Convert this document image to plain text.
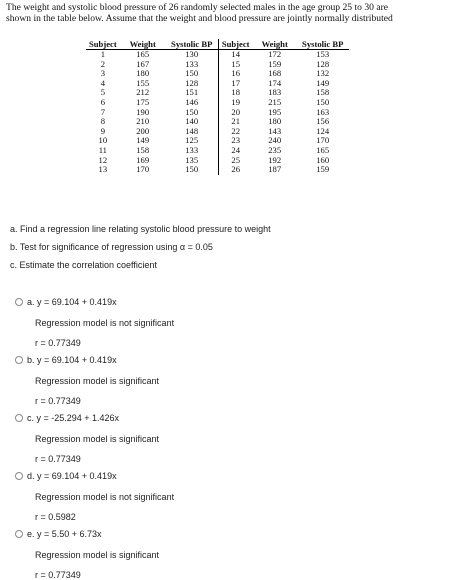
The weight and systolic blood pressure of 26 randomly selected males in the age group 25 to 30 are
shown in the table below. Assume that the weight and blood pressure are jointly normally distributed
Subject	Weight	Systolic BP	Subject	Weight	Systolic BP
1	165	130	14	172	153
2	167	133	15	159	128
3	180	150	16	168	132
4	155	128	17	174	149
5	212	151	18	183	158
6	175	146	19	215	150
7	190	150	20	195	163
8	210	140	21	180	156
9	200	148	22	143	124
10	149	125	23	240	170
11	158	133	24	235	165
12	169	135	25	192	160
13	170	150	26	187	159
a. Find a regression line relating systolic blood pressure to weight
b. Test for significance of regression using α = 0.05
c. Estimate the correlation coefficient
a. y = 69.104 + 0.419x
Regression model is not significant
r = 0.77349
b. y = 69.104 + 0.419x
Regression model is significant
r = 0.77349
c. y = -25.294 + 1.426x
Regression model is significant
r = 0.77349
d. y = 69.104 + 0.419x
Regression model is not significant
r = 0.5982
e. y = 5.50 + 6.73x
Regression model is significant
r = 0.77349
